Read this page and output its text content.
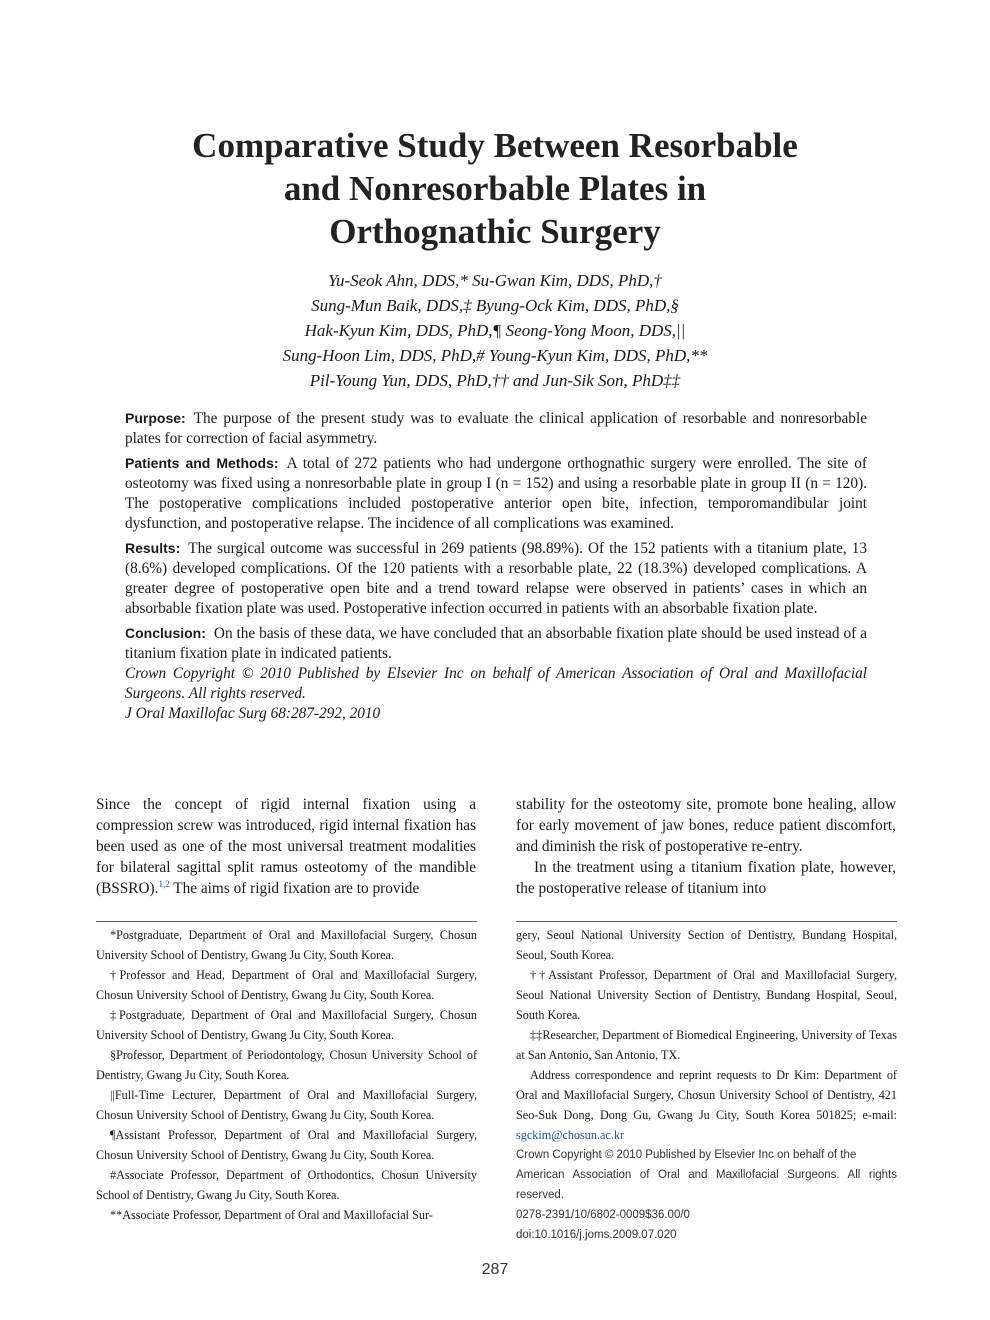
Comparative Study Between Resorbable
and Nonresorbable Plates in
Orthognathic Surgery
Yu-Seok Ahn, DDS,* Su-Gwan Kim, DDS, PhD,†
Sung-Mun Baik, DDS,‡ Byung-Ock Kim, DDS, PhD,§
Hak-Kyun Kim, DDS, PhD,¶ Seong-Yong Moon, DDS,||
Sung-Hoon Lim, DDS, PhD,# Young-Kyun Kim, DDS, PhD,**
Pil-Young Yun, DDS, PhD,†† and Jun-Sik Son, PhD‡‡

Purpose: The purpose of the present study was to evaluate the clinical application of resorbable and nonresorbable plates for correction of facial asymmetry.

Patients and Methods: A total of 272 patients who had undergone orthognathic surgery were enrolled. The site of osteotomy was fixed using a nonresorbable plate in group I (n = 152) and using a resorbable plate in group II (n = 120). The postoperative complications included postoperative anterior open bite, infection, temporomandibular joint dysfunction, and postoperative relapse. The incidence of all complications was examined.

Results: The surgical outcome was successful in 269 patients (98.89%). Of the 152 patients with a titanium plate, 13 (8.6%) developed complications. Of the 120 patients with a resorbable plate, 22 (18.3%) developed complications. A greater degree of postoperative open bite and a trend toward relapse were observed in patients’ cases in which an absorbable fixation plate was used. Postoperative infection occurred in patients with an absorbable fixation plate.

Conclusion: On the basis of these data, we have concluded that an absorbable fixation plate should be used instead of a titanium fixation plate in indicated patients.

Crown Copyright © 2010 Published by Elsevier Inc on behalf of American Association of Oral and Maxillofacial Surgeons. All rights reserved.
J Oral Maxillofac Surg 68:287-292, 2010

Since the concept of rigid internal fixation using a compression screw was introduced, rigid internal fixation has been used as one of the most universal treatment modalities for bilateral sagittal split ramus osteotomy of the mandible (BSSRO).$^{1,2}$ The aims of rigid fixation are to provide

stability for the osteotomy site, promote bone healing, allow for early movement of jaw bones, reduce patient discomfort, and diminish the risk of postoperative re-entry.

In the treatment using a titanium fixation plate, however, the postoperative release of titanium into

*Postgraduate, Department of Oral and Maxillofacial Surgery, Chosun University School of Dentistry, Gwang Ju City, South Korea.

†Professor and Head, Department of Oral and Maxillofacial Surgery, Chosun University School of Dentistry, Gwang Ju City, South Korea.

‡Postgraduate, Department of Oral and Maxillofacial Surgery, Chosun University School of Dentistry, Gwang Ju City, South Korea.

§Professor, Department of Periodontology, Chosun University School of Dentistry, Gwang Ju City, South Korea.

||Full-Time Lecturer, Department of Oral and Maxillofacial Surgery, Chosun University School of Dentistry, Gwang Ju City, South Korea.

¶Assistant Professor, Department of Oral and Maxillofacial Surgery, Chosun University School of Dentistry, Gwang Ju City, South Korea.

#Associate Professor, Department of Orthodontics, Chosun University School of Dentistry, Gwang Ju City, South Korea.

**Associate Professor, Department of Oral and Maxillofacial Sur-

gery, Seoul National University Section of Dentistry, Bundang Hospital, Seoul, South Korea.

††Assistant Professor, Department of Oral and Maxillofacial Surgery, Seoul National University Section of Dentistry, Bundang Hospital, Seoul, South Korea.

‡‡Researcher, Department of Biomedical Engineering, University of Texas at San Antonio, San Antonio, TX.

Address correspondence and reprint requests to Dr Kim: Department of Oral and Maxillofacial Surgery, Chosun University School of Dentistry, 421 Seo-Suk Dong, Dong Gu, Gwang Ju City, South Korea 501825; e-mail: sgckim@chosun.ac.kr

Crown Copyright © 2010 Published by Elsevier Inc on behalf of the

American Association of Oral and Maxillofacial Surgeons. All rights reserved.

0278-2391/10/6802-0009$36.00/0

doi:10.1016/j.joms.2009.07.020

287
